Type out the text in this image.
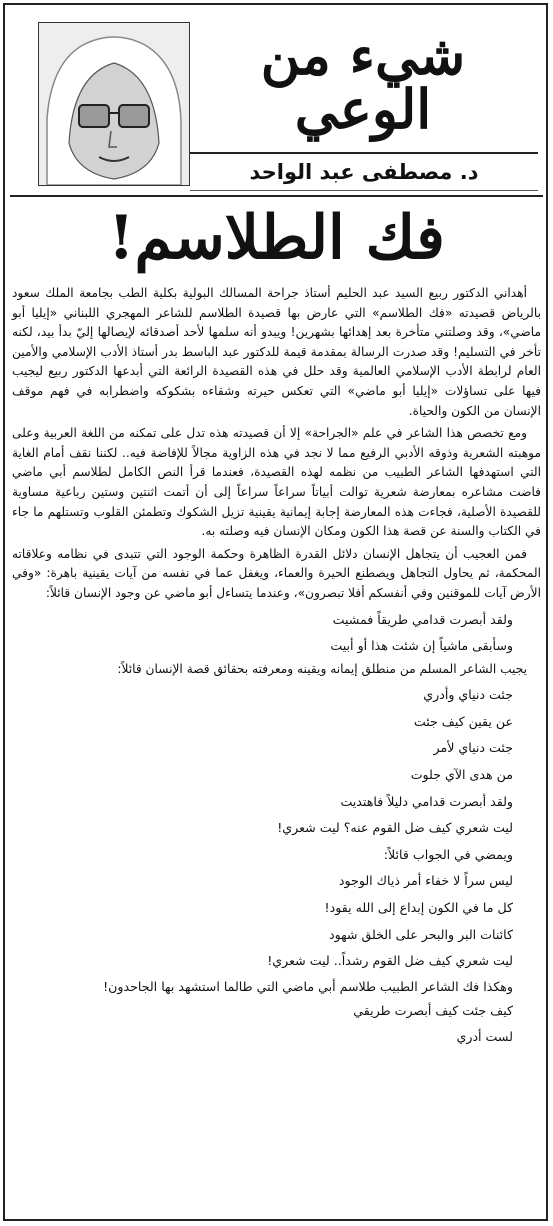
شيء من الوعي
د. مصطفى عبد الواحد
فك الطلاسم!

أهداني الدكتور ربيع السيد عبد الحليم أستاذ جراحة المسالك البولية بكلية الطب بجامعة الملك سعود بالرياض قصيدته «فك الطلاسم» التي عارض بها قصيدة الطلاسم للشاعر المهجري اللبناني «إيليا أبو ماضي»، وقد وصلتني متأخرة بعد إهدائها بشهرين! ويبدو أنه سلمها لأحد أصدقائه لإيصالها إليّ بدأ بيد، لكنه تأخر في التسليم! وقد صدرت الرسالة بمقدمة قيمة للدكتور عبد الباسط بدر أستاذ الأدب الإسلامي والأمين العام لرابطة الأدب الإسلامي العالمية وقد حلل في هذه القصيدة الرائعة التي أبدعها الدكتور ربيع ليجيب فيها على تساؤلات «إيليا أبو ماضي» التي تعكس حيرته وشقاءه بشكوكه واضطرابه في فهم موقف الإنسان من الكون والحياة.

ومع تخصص هذا الشاعر في علم «الجراحة» إلا أن قصيدته هذه تدل على تمكنه من اللغة العربية وعلى موهبته الشعرية وذوقه الأدبي الرفيع مما لا نجد في هذه الزاوية مجالاً للإفاضة فيه.. لكننا نقف أمام الغاية التي استهدفها الشاعر الطبيب من نظمه لهذه القصيدة، فعندما قرأ النص الكامل لطلاسم أبي ماضي فاضت مشاعره بمعارضة شعرية توالت أبياتاً سراعاً سراعاً إلى أن أتمت اثنتين وستين رباعية مساوية للقصيدة الأصلية، فجاءت هذه المعارضة إجابة إيمانية يقينية تزيل الشكوك وتطمئن القلوب وتستلهم ما جاء في الكتاب والسنة عن قصة هذا الكون ومكان الإنسان فيه وصلته به.

فمن العجيب أن يتجاهل الإنسان دلائل القدرة الظاهرة وحكمة الوجود التي تتبدى في نظامه وعلاقاته المحكمة، ثم يحاول التجاهل ويصطنع الحيرة والعماء، ويغفل عما في نفسه من آيات يقينية باهرة: «وفي الأرض آيات للموقنين وفي أنفسكم أفلا تبصرون»، وعندما يتساءل أبو ماضي عن وجود الإنسان قائلاً:

ولقد أبصرت قدامي طريقاً فمشيت
وسأبقى ماشياً إن شئت هذا أو أبيت

يجيب الشاعر المسلم من منطلق إيمانه ويقينه ومعرفته بحقائق قصة الإنسان قائلاً:

جئت دنياي وأدري
عن يقين كيف جئت
جئت دنياي لأمر
من هدى الآي جلوت
ولقد أبصرت قدامي دليلاً فاهتديت
ليت شعري كيف ضل القوم عنه؟ ليت شعري!
ويمضي في الجواب قائلاً:
ليس سراً لا خفاء أمر ذياك الوجود
كل ما في الكون إبداع إلى الله يقود!
كائنات البر والبحر على الخلق شهود
ليت شعري كيف ضل القوم رشداً.. ليت شعري!
وهكذا فك الشاعر الطبيب طلاسم أبي ماضي التي طالما استشهد بها الجاحدون!
كيف جئت كيف أبصرت طريقي
لست أدري
